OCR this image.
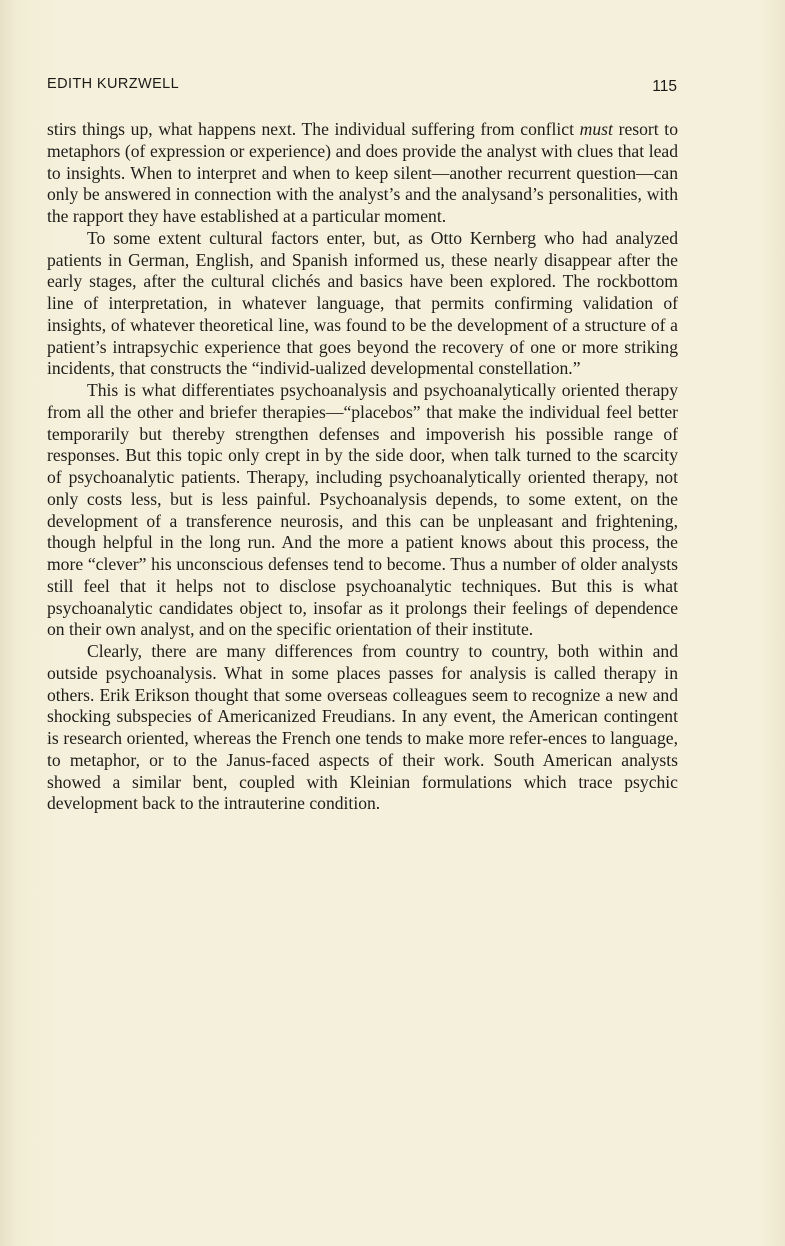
EDITH KURZWELL	115

stirs things up, what happens next. The individual suffering from conflict must resort to metaphors (of expression or experience) and does provide the analyst with clues that lead to insights. When to interpret and when to keep silent—another recurrent question—can only be answered in connection with the analyst’s and the analysand’s personalities, with the rapport they have established at a particular moment.

To some extent cultural factors enter, but, as Otto Kernberg who had analyzed patients in German, English, and Spanish informed us, these nearly disappear after the early stages, after the cultural clichés and basics have been explored. The rockbottom line of interpretation, in whatever language, that permits confirming validation of insights, of whatever theoretical line, was found to be the development of a structure of a patient’s intrapsychic experience that goes beyond the recovery of one or more striking incidents, that constructs the “individ-ualized developmental constellation.”

This is what differentiates psychoanalysis and psychoanalytically oriented therapy from all the other and briefer therapies—“placebos” that make the individual feel better temporarily but thereby strengthen defenses and impoverish his possible range of responses. But this topic only crept in by the side door, when talk turned to the scarcity of psychoanalytic patients. Therapy, including psychoanalytically oriented therapy, not only costs less, but is less painful. Psychoanalysis depends, to some extent, on the development of a transference neurosis, and this can be unpleasant and frightening, though helpful in the long run. And the more a patient knows about this process, the more “clever” his unconscious defenses tend to become. Thus a number of older analysts still feel that it helps not to disclose psychoanalytic techniques. But this is what psychoanalytic candidates object to, insofar as it prolongs their feelings of dependence on their own analyst, and on the specific orientation of their institute.

Clearly, there are many differences from country to country, both within and outside psychoanalysis. What in some places passes for analysis is called therapy in others. Erik Erikson thought that some overseas colleagues seem to recognize a new and shocking subspecies of Americanized Freudians. In any event, the American contingent is research oriented, whereas the French one tends to make more refer-ences to language, to metaphor, or to the Janus-faced aspects of their work. South American analysts showed a similar bent, coupled with Kleinian formulations which trace psychic development back to the intrauterine condition.
